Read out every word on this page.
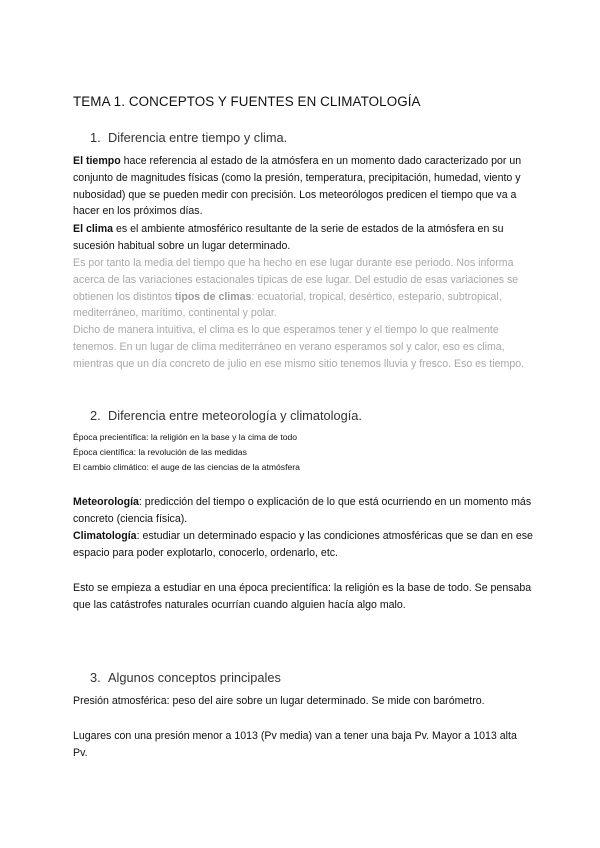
TEMA 1. CONCEPTOS Y FUENTES EN CLIMATOLOGÍA
1. Diferencia entre tiempo y clima.

El tiempo hace referencia al estado de la atmósfera en un momento dado caracterizado por un conjunto de magnitudes físicas (como la presión, temperatura, precipitación, humedad, viento y nubosidad) que se pueden medir con precisión. Los meteorólogos predicen el tiempo que va a hacer en los próximos días.

El clima es el ambiente atmosférico resultante de la serie de estados de la atmósfera en su sucesión habitual sobre un lugar determinado.

Es por tanto la media del tiempo que ha hecho en ese lugar durante ese periodo. Nos informa acerca de las variaciones estacionales típicas de ese lugar. Del estudio de esas variaciones se obtienen los distintos tipos de climas: ecuatorial, tropical, desértico, estepario, subtropical, mediterráneo, marítimo, continental y polar.

Dicho de manera intuitiva, el clima es lo que esperamos tener y el tiempo lo que realmente tenemos. En un lugar de clima mediterráneo en verano esperamos sol y calor, eso es clima, mientras que un día concreto de julio en ese mismo sitio tenemos lluvia y fresco. Eso es tiempo.

2. Diferencia entre meteorología y climatología.
Época precientífica: la religión en la base y la cima de todo
Época científica: la revolución de las medidas
El cambio climático: el auge de las ciencias de la atmósfera

Meteorología: predicción del tiempo o explicación de lo que está ocurriendo en un momento más concreto (ciencia física).

Climatología: estudiar un determinado espacio y las condiciones atmosféricas que se dan en ese espacio para poder explotarlo, conocerlo, ordenarlo, etc.

Esto se empieza a estudiar en una época precientífica: la religión es la base de todo. Se pensaba que las catástrofes naturales ocurrían cuando alguien hacía algo malo.

3. Algunos conceptos principales

Presión atmosférica: peso del aire sobre un lugar determinado. Se mide con barómetro.

Lugares con una presión menor a 1013 (Pv media) van a tener una baja Pv. Mayor a 1013 alta Pv.
